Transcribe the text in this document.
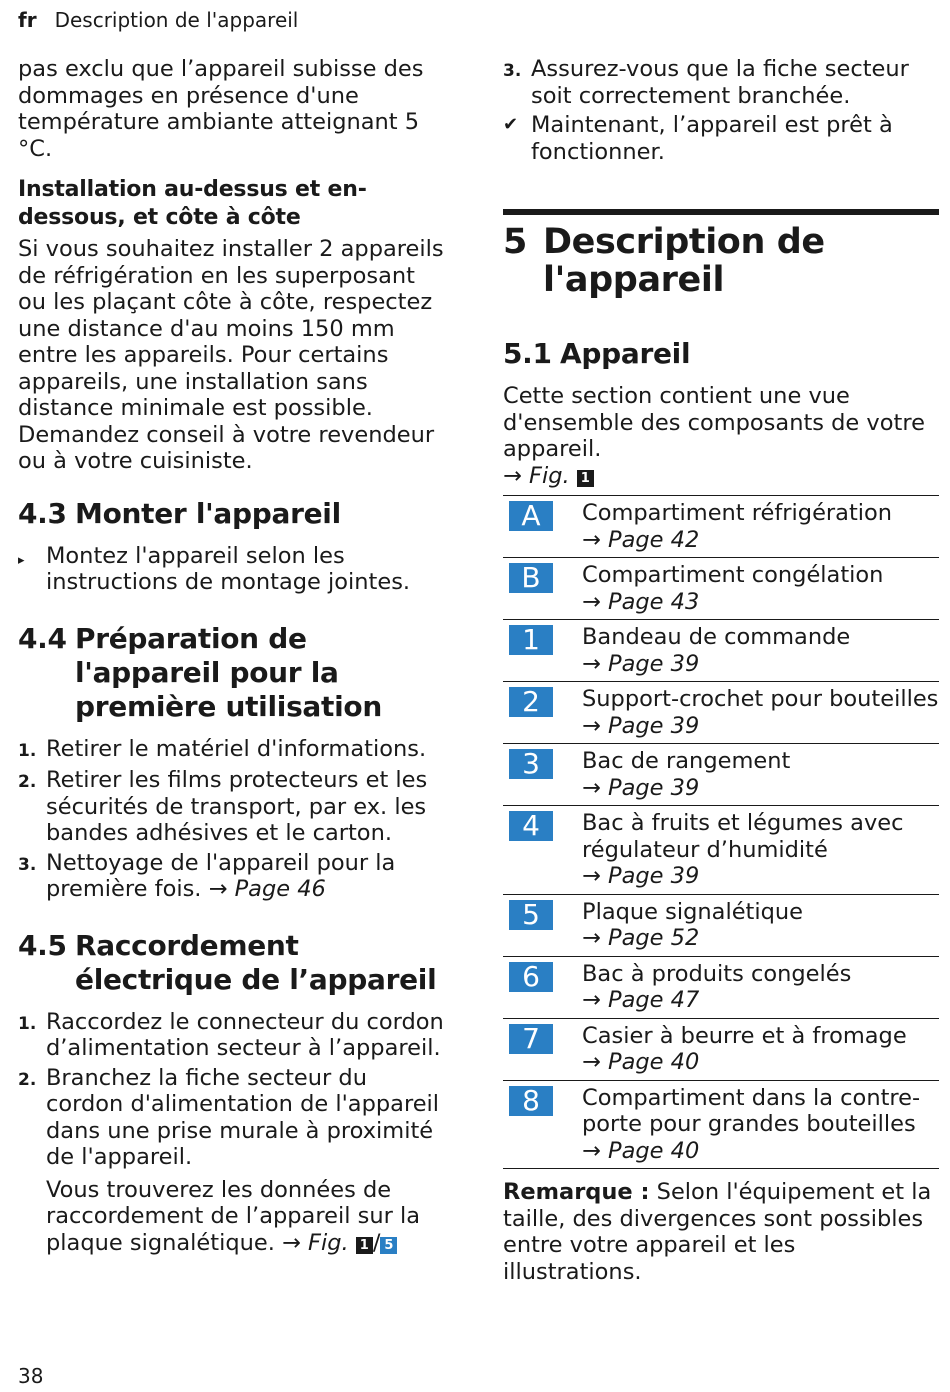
fr Description de l'appareil

pas exclu que l’appareil subisse des dommages en présence d'une température ambiante atteignant 5 °C.

Installation au-dessus et en-dessous, et côte à côte

Si vous souhaitez installer 2 appareils de réfrigération en les superposant ou les plaçant côte à côte, respectez une distance d'au moins 150 mm entre les appareils. Pour certains appareils, une installation sans distance minimale est possible. Demandez conseil à votre revendeur ou à votre cuisiniste.

4.3 Monter l'appareil
▸ Montez l'appareil selon les instructions de montage jointes.
4.4 Préparation de l'appareil pour la première utilisation
1. Retirer le matériel d'informations.
2. Retirer les films protecteurs et les sécurités de transport, par ex. les bandes adhésives et le carton.
3. Nettoyage de l'appareil pour la première fois. → Page 46
4.5 Raccordement électrique de l’appareil
1. Raccordez le connecteur du cordon d’alimentation secteur à l’appareil.
2. Branchez la fiche secteur du cordon d'alimentation de l'appareil dans une prise murale à proximité de l'appareil.

Vous trouverez les données de raccordement de l’appareil sur la plaque signalétique. → Fig. 1 / 5

3. Assurez-vous que la fiche secteur soit correctement branchée.
✔ Maintenant, l’appareil est prêt à fonctionner.
5 Description de l'appareil
5.1 Appareil

Cette section contient une vue d'ensemble des composants de votre appareil.

→ Fig. 1

A	Compartiment réfrigération
→ Page 42

B	Compartiment congélation
→ Page 43

1	Bandeau de commande
→ Page 39

2	Support-crochet pour bouteilles
→ Page 39

3	Bac de rangement
→ Page 39

4	Bac à fruits et légumes avec régulateur d’humidité
→ Page 39

5	Plaque signalétique
→ Page 52

6	Bac à produits congelés
→ Page 47

7	Casier à beurre et à fromage
→ Page 40

8	Compartiment dans la contre-porte pour grandes bouteilles
→ Page 40

Remarque : Selon l'équipement et la taille, des divergences sont possibles entre votre appareil et les illustrations.

38
